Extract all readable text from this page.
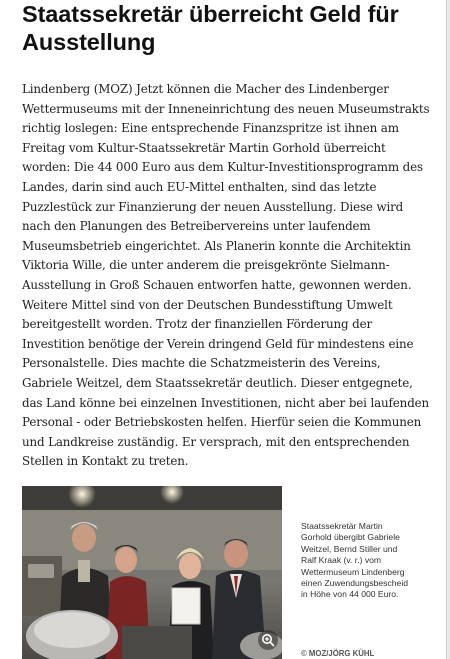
Staatssekretär überreicht Geld für Ausstellung

Lindenberg (MOZ) Jetzt können die Macher des Lindenberger Wettermuseums mit der Inneneinrichtung des neuen Museumstrakts richtig loslegen: Eine entsprechende Finanzspritze ist ihnen am Freitag vom Kultur-Staatssekretär Martin Gorhold überreicht worden: Die 44 000 Euro aus dem Kultur-Investitionsprogramm des Landes, darin sind auch EU-Mittel enthalten, sind das letzte Puzzlestück zur Finanzierung der neuen Ausstellung. Diese wird nach den Planungen des Betreibervereins unter laufendem Museumsbetrieb eingerichtet. Als Planerin konnte die Architektin Viktoria Wille, die unter anderem die preisgekrönte Sielmann-Ausstellung in Groß Schauen entworfen hatte, gewonnen werden. Weitere Mittel sind von der Deutschen Bundesstiftung Umwelt bereitgestellt worden. Trotz der finanziellen Förderung der Investition benötige der Verein dringend Geld für mindestens eine Personalstelle. Dies machte die Schatzmeisterin des Vereins, Gabriele Weitzel, dem Staatssekretär deutlich. Dieser entgegnete, das Land könne bei einzelnen Investitionen, nicht aber bei laufenden Personal - oder Betriebskosten helfen. Hierfür seien die Kommunen und Landkreise zuständig. Er versprach, mit den entsprechenden Stellen in Kontakt zu treten.

Staatssekretär Martin Gorhold übergibt Gabriele Weitzel, Bernd Stiller und Ralf Kraak (v. r.) vom Wettermuseum Lindenberg einen Zuwendungsbescheid in Höhe von 44 000 Euro.

© MOZ/JÖRG KÜHL
